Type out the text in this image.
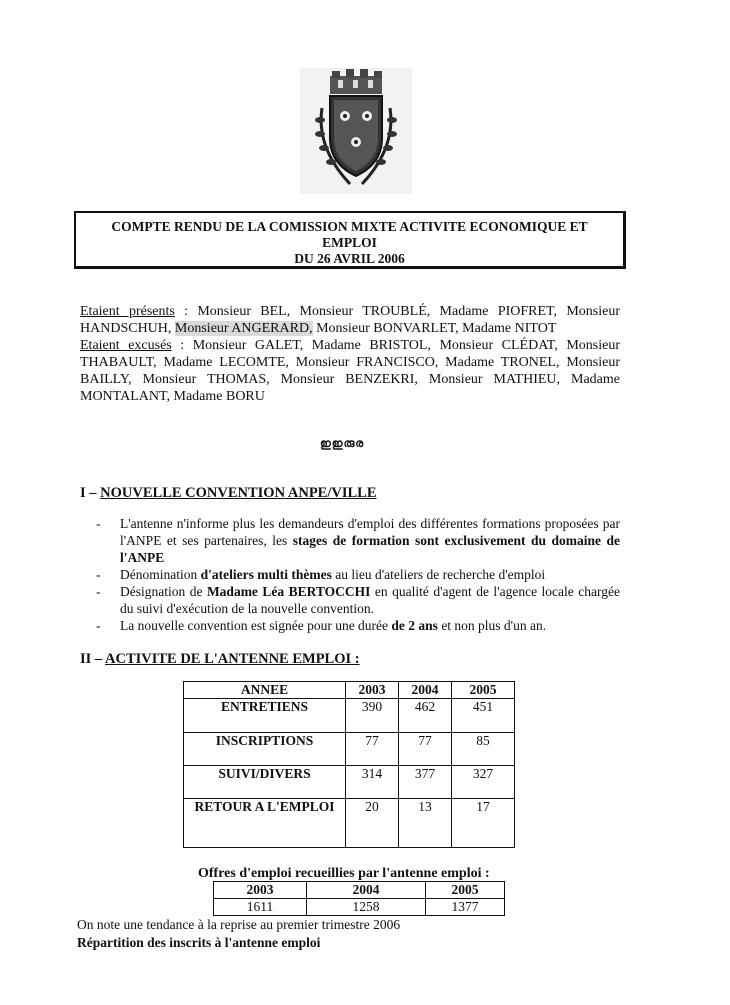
COMPTE RENDU DE LA COMISSION MIXTE ACTIVITE ECONOMIQUE ET
EMPLOI
DU 26 AVRIL 2006
Etaient présents : Monsieur BEL, Monsieur TROUBLÉ, Madame PIOFRET, Monsieur HANDSCHUH, Monsieur ANGERARD, Monsieur BONVARLET, Madame NITOT
Etaient excusés : Monsieur GALET, Madame BRISTOL, Monsieur CLÉDAT, Monsieur THABAULT, Madame LECOMTE, Monsieur FRANCISCO, Madame TRONEL, Monsieur BAILLY, Monsieur THOMAS, Monsieur BENZEKRI, Monsieur MATHIEU, Madame MONTALANT, Madame BORU
ഇഇരുര
I – NOUVELLE CONVENTION ANPE/VILLE
- L'antenne n'informe plus les demandeurs d'emploi des différentes formations proposées par l'ANPE et ses partenaires, les stages de formation sont exclusivement du domaine de l'ANPE
- Dénomination d'ateliers multi thèmes au lieu d'ateliers de recherche d'emploi
- Désignation de Madame Léa BERTOCCHI en qualité d'agent de l'agence locale chargée du suivi d'exécution de la nouvelle convention.
- La nouvelle convention est signée pour une durée de 2 ans et non plus d'un an.
II – ACTIVITE DE L'ANTENNE EMPLOI :
ANNEE	2003	2004	2005
ENTRETIENS	390	462	451
INSCRIPTIONS	77	77	85
SUIVI/DIVERS	314	377	327
RETOUR A L'EMPLOI	20	13	17
Offres d'emploi recueillies par l'antenne emploi :
2003	2004	2005
1611	1258	1377
On note une tendance à la reprise au premier trimestre 2006
Répartition des inscrits à l'antenne emploi
